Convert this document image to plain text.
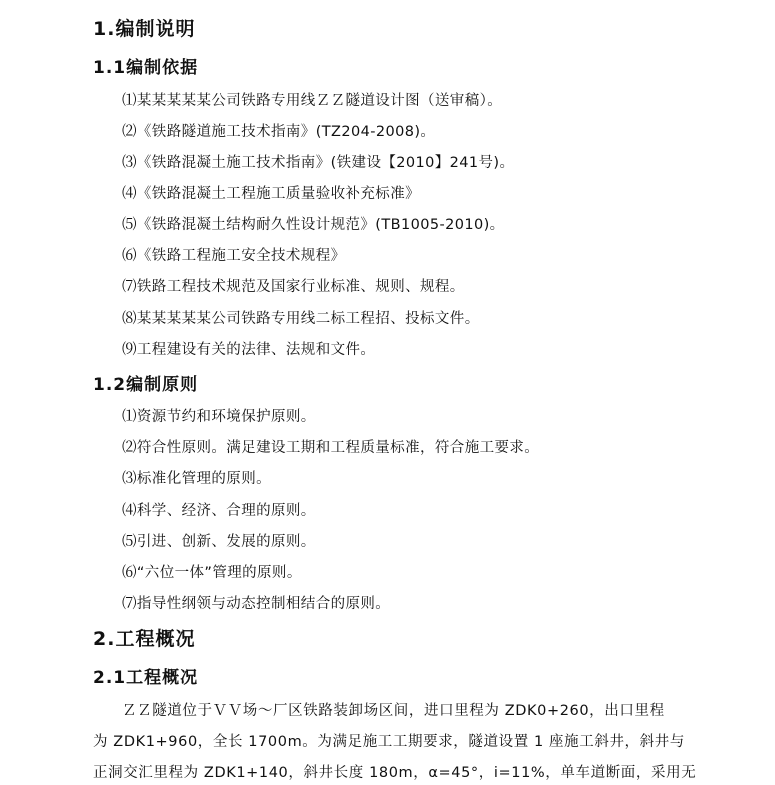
1.编制说明
1.1编制依据
⑴某某某某某公司铁路专用线ＺＺ隧道设计图（送审稿）。
⑵《铁路隧道施工技术指南》(TZ204-2008)。
⑶《铁路混凝土施工技术指南》(铁建设【2010】241号)。
⑷《铁路混凝土工程施工质量验收补充标准》
⑸《铁路混凝土结构耐久性设计规范》(TB1005-2010)。
⑹《铁路工程施工安全技术规程》
⑺铁路工程技术规范及国家行业标准、规则、规程。
⑻某某某某某公司铁路专用线二标工程招、投标文件。
⑼工程建设有关的法律、法规和文件。
1.2编制原则
⑴资源节约和环境保护原则。
⑵符合性原则。满足建设工期和工程质量标准，符合施工要求。
⑶标准化管理的原则。
⑷科学、经济、合理的原则。
⑸引进、创新、发展的原则。
⑹“六位一体”管理的原则。
⑺指导性纲领与动态控制相结合的原则。
2.工程概况
2.1工程概况
ＺＺ隧道位于ＶＶ场～厂区铁路装卸场区间，进口里程为 ZDK0+260，出口里程
为 ZDK1+960，全长 1700m。为满足施工工期要求，隧道设置 1 座施工斜井，斜井与
正洞交汇里程为 ZDK1+140，斜井长度 180m，α=45°，i=11%，单车道断面，采用无
